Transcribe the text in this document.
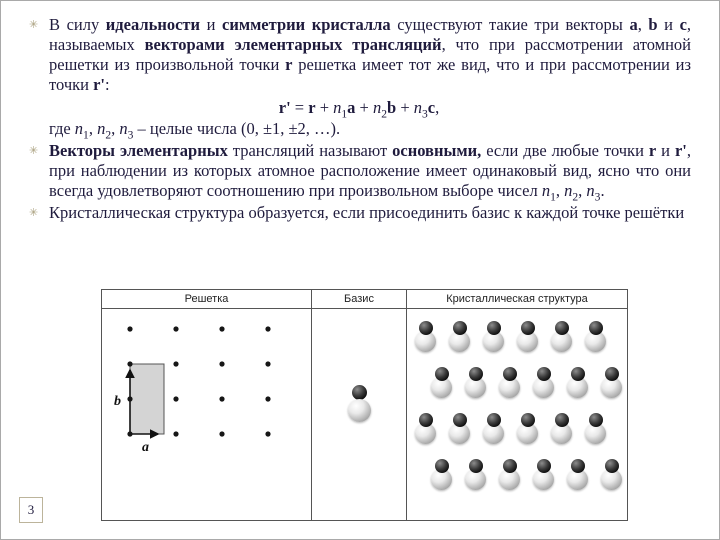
✳ В силу идеальности и симметрии кристалла существуют такие три векторы a, b и c, называемых векторами элементарных трансляций, что при рассмотрении атомной решетки из произвольной точки r решетка имеет тот же вид, что и при рассмотрении из точки r':
$r' = r + n_1a + n_2b + n_3c$,
где $n_1$, $n_2$, $n_3$ – целые числа (0, ±1, ±2, …).
✳ Векторы элементарных трансляций называют основными, если две любые точки r и r', при наблюдении из которых атомное расположение имеет одинаковый вид, ясно что они всегда удовлетворяют соотношению при произвольном выборе чисел $n_1$, $n_2$, $n_3$.
✳ Кристаллическая структура образуется, если присоединить базис к каждой точке решётки
Решетка
b
a
Базис	Кристаллическая структура
3
